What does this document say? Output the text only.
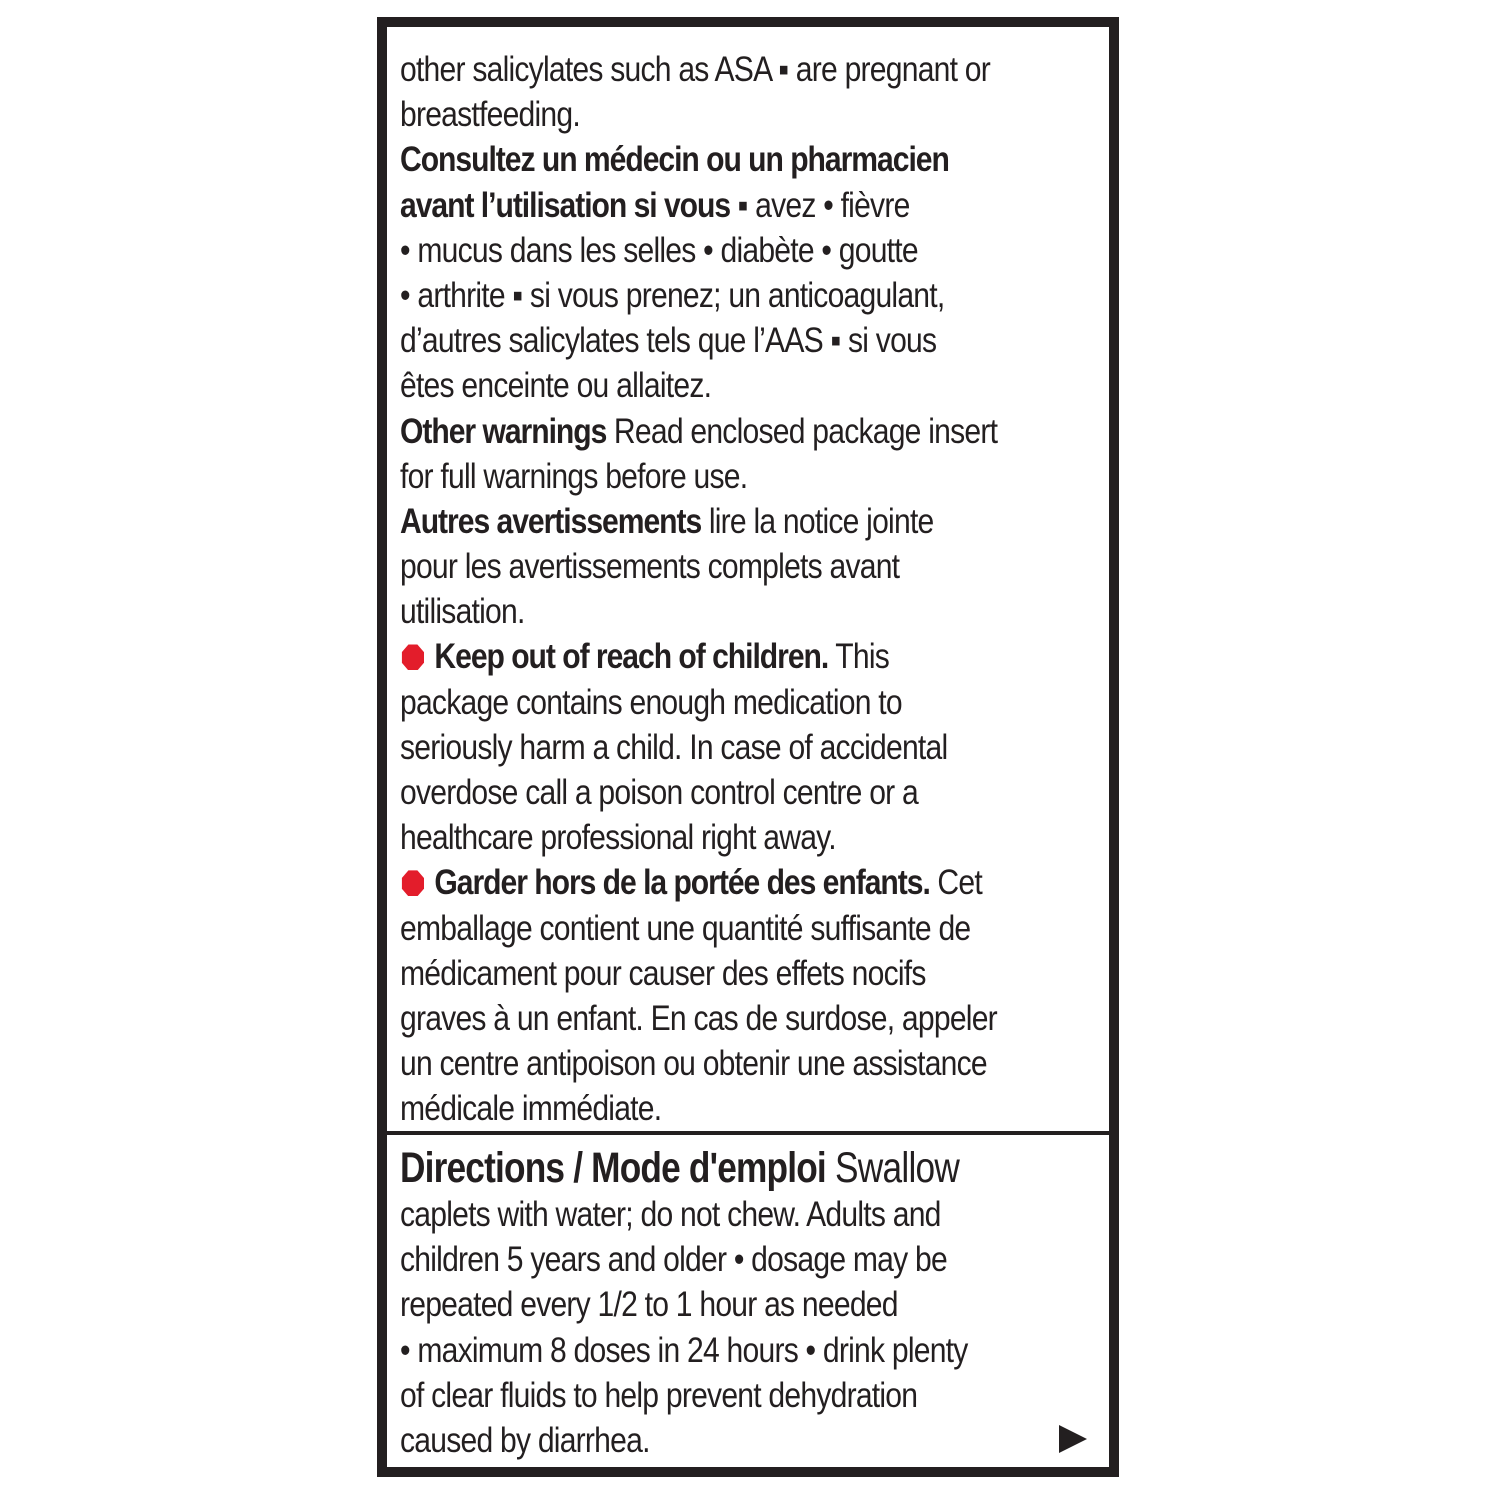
other salicylates such as ASA ▪ are pregnant or
breastfeeding.
Consultez un médecin ou un pharmacien
avant l’utilisation si vous ▪ avez • fièvre
• mucus dans les selles • diabète • goutte
• arthrite ▪ si vous prenez; un anticoagulant,
d’autres salicylates tels que l’AAS ▪ si vous
êtes enceinte ou allaitez.
Other warnings Read enclosed package insert
for full warnings before use.
Autres avertissements lire la notice jointe
pour les avertissements complets avant
utilisation.
Keep out of reach of children. This
package contains enough medication to
seriously harm a child. In case of accidental
overdose call a poison control centre or a
healthcare professional right away.
Garder hors de la portée des enfants. Cet
emballage contient une quantité suffisante de
médicament pour causer des effets nocifs
graves à un enfant. En cas de surdose, appeler
un centre antipoison ou obtenir une assistance
médicale immédiate.
Directions / Mode d'emploi Swallow
caplets with water; do not chew. Adults and
children 5 years and older • dosage may be
repeated every 1/2 to 1 hour as needed
• maximum 8 doses in 24 hours • drink plenty
of clear fluids to help prevent dehydration
caused by diarrhea.
